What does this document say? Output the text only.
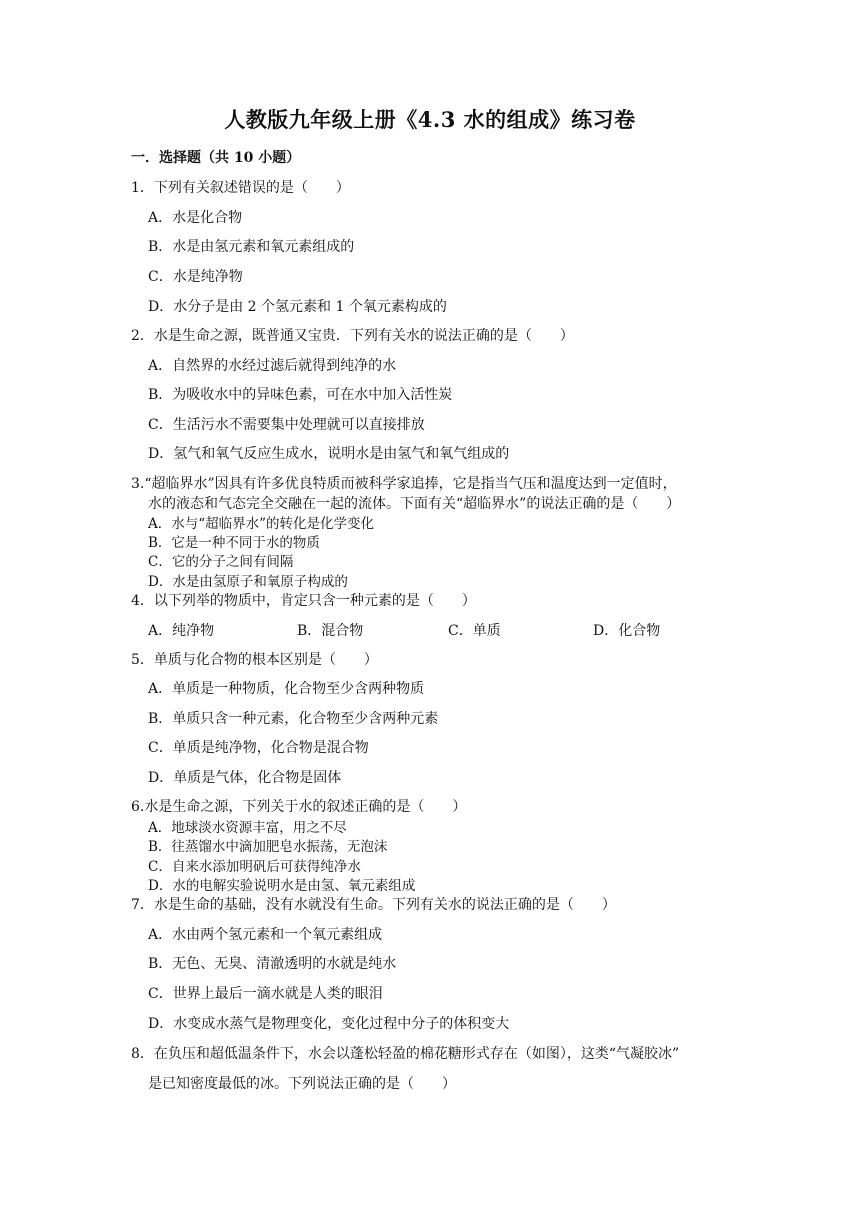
人教版九年级上册《4.3 水的组成》练习卷
一．选择题（共 10 小题）
1．下列有关叙述错误的是（　　）
A．水是化合物
B．水是由氢元素和氧元素组成的
C．水是纯净物
D．水分子是由 2 个氢元素和 1 个氧元素构成的
2．水是生命之源，既普通又宝贵．下列有关水的说法正确的是（　　）
A．自然界的水经过滤后就得到纯净的水
B．为吸收水中的异味色素，可在水中加入活性炭
C．生活污水不需要集中处理就可以直接排放
D．氢气和氧气反应生成水，说明水是由氢气和氧气组成的
3.“超临界水”因具有许多优良特质而被科学家追捧，它是指当气压和温度达到一定值时，
水的液态和气态完全交融在一起的流体。下面有关“超临界水”的说法正确的是（　　）
A．水与“超临界水”的转化是化学变化
B．它是一种不同于水的物质
C．它的分子之间有间隔
D．水是由氢原子和氧原子构成的
4．以下列举的物质中，肯定只含一种元素的是（　　）
A．纯净物	B．混合物	C．单质	D．化合物
5．单质与化合物的根本区别是（　　）
A．单质是一种物质，化合物至少含两种物质
B．单质只含一种元素，化合物至少含两种元素
C．单质是纯净物，化合物是混合物
D．单质是气体，化合物是固体
6.水是生命之源，下列关于水的叙述正确的是（　　）
A．地球淡水资源丰富，用之不尽
B．往蒸馏水中滴加肥皂水振荡，无泡沫
C．自来水添加明矾后可获得纯净水
D．水的电解实验说明水是由氢、氧元素组成
7．水是生命的基础，没有水就没有生命。下列有关水的说法正确的是（　　）
A．水由两个氢元素和一个氧元素组成
B．无色、无臭、清澈透明的水就是纯水
C．世界上最后一滴水就是人类的眼泪
D．水变成水蒸气是物理变化，变化过程中分子的体积变大
8．在负压和超低温条件下，水会以蓬松轻盈的棉花糖形式存在（如图），这类“气凝胶冰”
是已知密度最低的冰。下列说法正确的是（　　）
